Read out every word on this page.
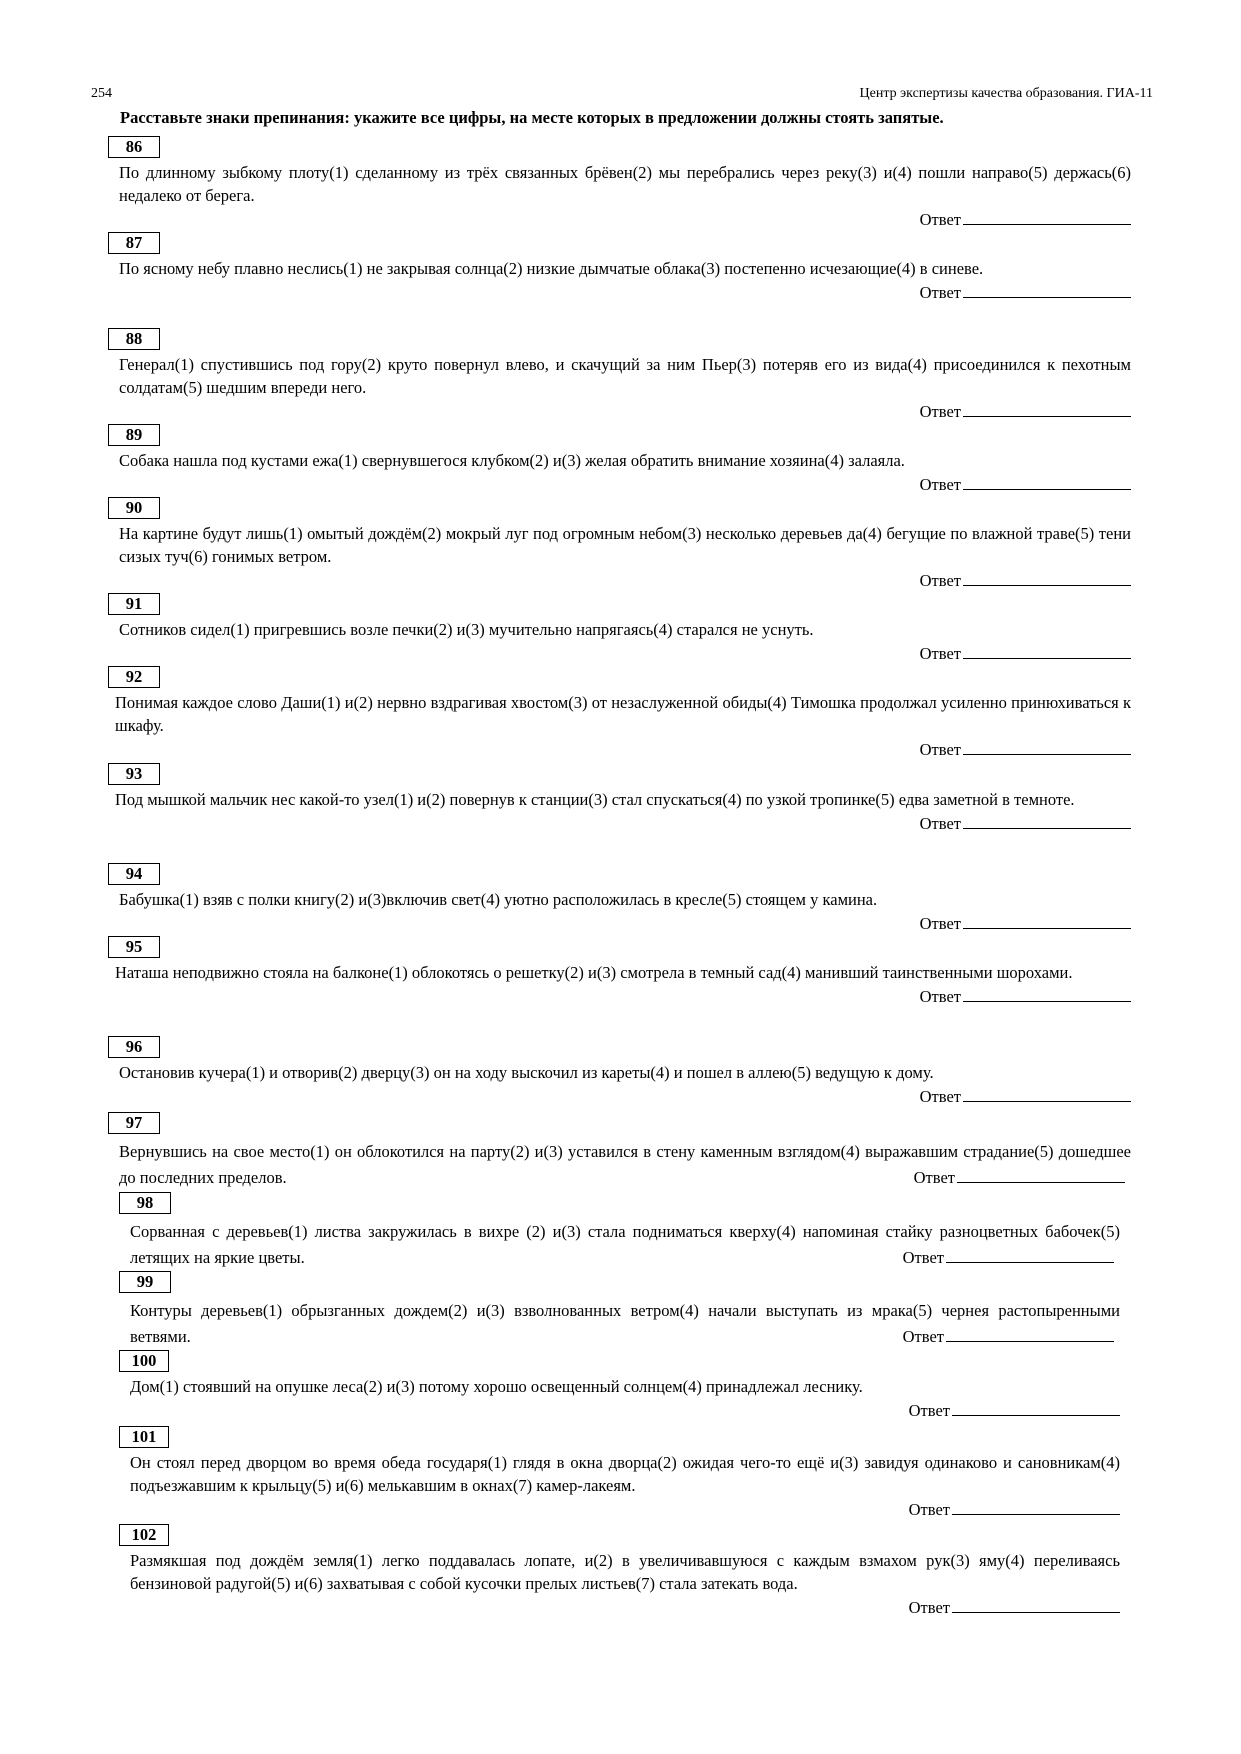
254	Центр экспертизы качества образования. ГИА-11
Расставьте знаки препинания: укажите все цифры, на месте которых в предложении должны стоять запятые.
86
По длинному зыбкому плоту(1) сделанному из трёх связанных брёвен(2) мы перебрались через реку(3) и(4) пошли направо(5) держась(6) недалеко от берега.
Ответ
87
По ясному небу плавно неслись(1) не закрывая солнца(2) низкие дымчатые облака(3) постепенно исчезающие(4) в синеве.
Ответ
88
Генерал(1) спустившись под гору(2) круто повернул влево, и скачущий за ним Пьер(3) потеряв его из вида(4) присоединился к пехотным солдатам(5) шедшим впереди него.
Ответ
89
Собака нашла под кустами ежа(1) свернувшегося клубком(2) и(3) желая обратить внимание хозяина(4) залаяла.
Ответ
90
На картине будут лишь(1) омытый дождём(2) мокрый луг под огромным небом(3) несколько деревьев да(4) бегущие по влажной траве(5) тени сизых туч(6) гонимых ветром.
Ответ
91
Сотников сидел(1) пригревшись возле печки(2) и(3) мучительно напрягаясь(4) старался не уснуть.
Ответ
92
Понимая каждое слово Даши(1) и(2) нервно вздрагивая хвостом(3) от незаслуженной обиды(4) Тимошка продолжал усиленно принюхиваться к шкафу.
Ответ
93
Под мышкой мальчик нес какой-то узел(1) и(2) повернув к станции(3) стал спускаться(4) по узкой тропинке(5) едва заметной в темноте.
Ответ
94
Бабушка(1) взяв с полки книгу(2) и(3)включив свет(4) уютно расположилась в кресле(5) стоящем у камина.
Ответ
95
Наташа неподвижно стояла на балконе(1) облокотясь о решетку(2) и(3) смотрела в темный сад(4) манивший таинственными шорохами.
Ответ
96
Остановив кучера(1) и отворив(2) дверцу(3) он на ходу выскочил из кареты(4) и пошел в аллею(5) ведущую к дому.
Ответ
97
Вернувшись на свое место(1) он облокотился на парту(2) и(3) уставился в стену каменным взглядом(4) выражавшим страдание(5) дошедшее до последних пределов.	Ответ
98
Сорванная с деревьев(1) листва закружилась в вихре (2) и(3) стала подниматься кверху(4) напоминая стайку разноцветных бабочек(5) летящих на яркие цветы.	Ответ
99
Контуры деревьев(1) обрызганных дождем(2) и(3) взволнованных ветром(4) начали выступать из мрака(5) чернея растопыренными ветвями.	Ответ
100
Дом(1) стоявший на опушке леса(2) и(3) потому хорошо освещенный солнцем(4) принадлежал леснику.
Ответ
101
Он стоял перед дворцом во время обеда государя(1) глядя в окна дворца(2) ожидая чего-то ещё и(3) завидуя одинаково и сановникам(4) подъезжавшим к крыльцу(5) и(6) мелькавшим в окнах(7) камер-лакеям.
Ответ
102
Размякшая под дождём земля(1) легко поддавалась лопате, и(2) в увеличивавшуюся с каждым взмахом рук(3) яму(4) переливаясь бензиновой радугой(5) и(6) захватывая с собой кусочки прелых листьев(7) стала затекать вода.
Ответ
